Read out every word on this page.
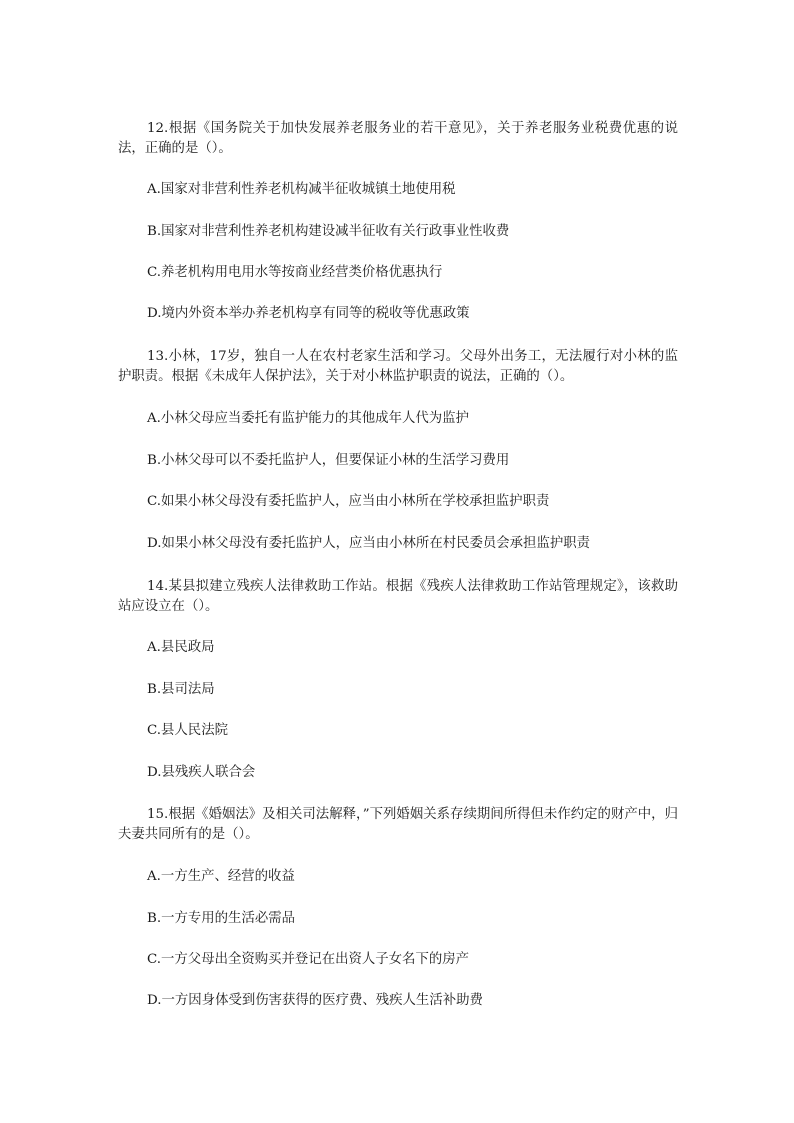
12.根据《国务院关于加快发展养老服务业的若干意见》，关于养老服务业税费优惠的说法，正确的是（）。
A.国家对非营利性养老机构减半征收城镇土地使用税
B.国家对非营利性养老机构建设减半征收有关行政事业性收费
C.养老机构用电用水等按商业经营类价格优惠执行
D.境内外资本举办养老机构享有同等的税收等优惠政策
13.小林，17岁，独自一人在农村老家生活和学习。父母外出务工，无法履行对小林的监护职责。根据《未成年人保护法》，关于对小林监护职责的说法，正确的（）。
A.小林父母应当委托有监护能力的其他成年人代为监护
B.小林父母可以不委托监护人，但要保证小林的生活学习费用
C.如果小林父母没有委托监护人，应当由小林所在学校承担监护职责
D.如果小林父母没有委托监护人，应当由小林所在村民委员会承担监护职责
14.某县拟建立残疾人法律救助工作站。根据《残疾人法律救助工作站管理规定》，该救助站应设立在（）。
A.县民政局
B.县司法局
C.县人民法院
D.县残疾人联合会
15.根据《婚姻法》及相关司法解释，”下列婚姻关系存续期间所得但未作约定的财产中，归夫妻共同所有的是（）。
A.一方生产、经营的收益
B.一方专用的生活必需品
C.一方父母出全资购买并登记在出资人子女名下的房产
D.一方因身体受到伤害获得的医疗费、残疾人生活补助费
